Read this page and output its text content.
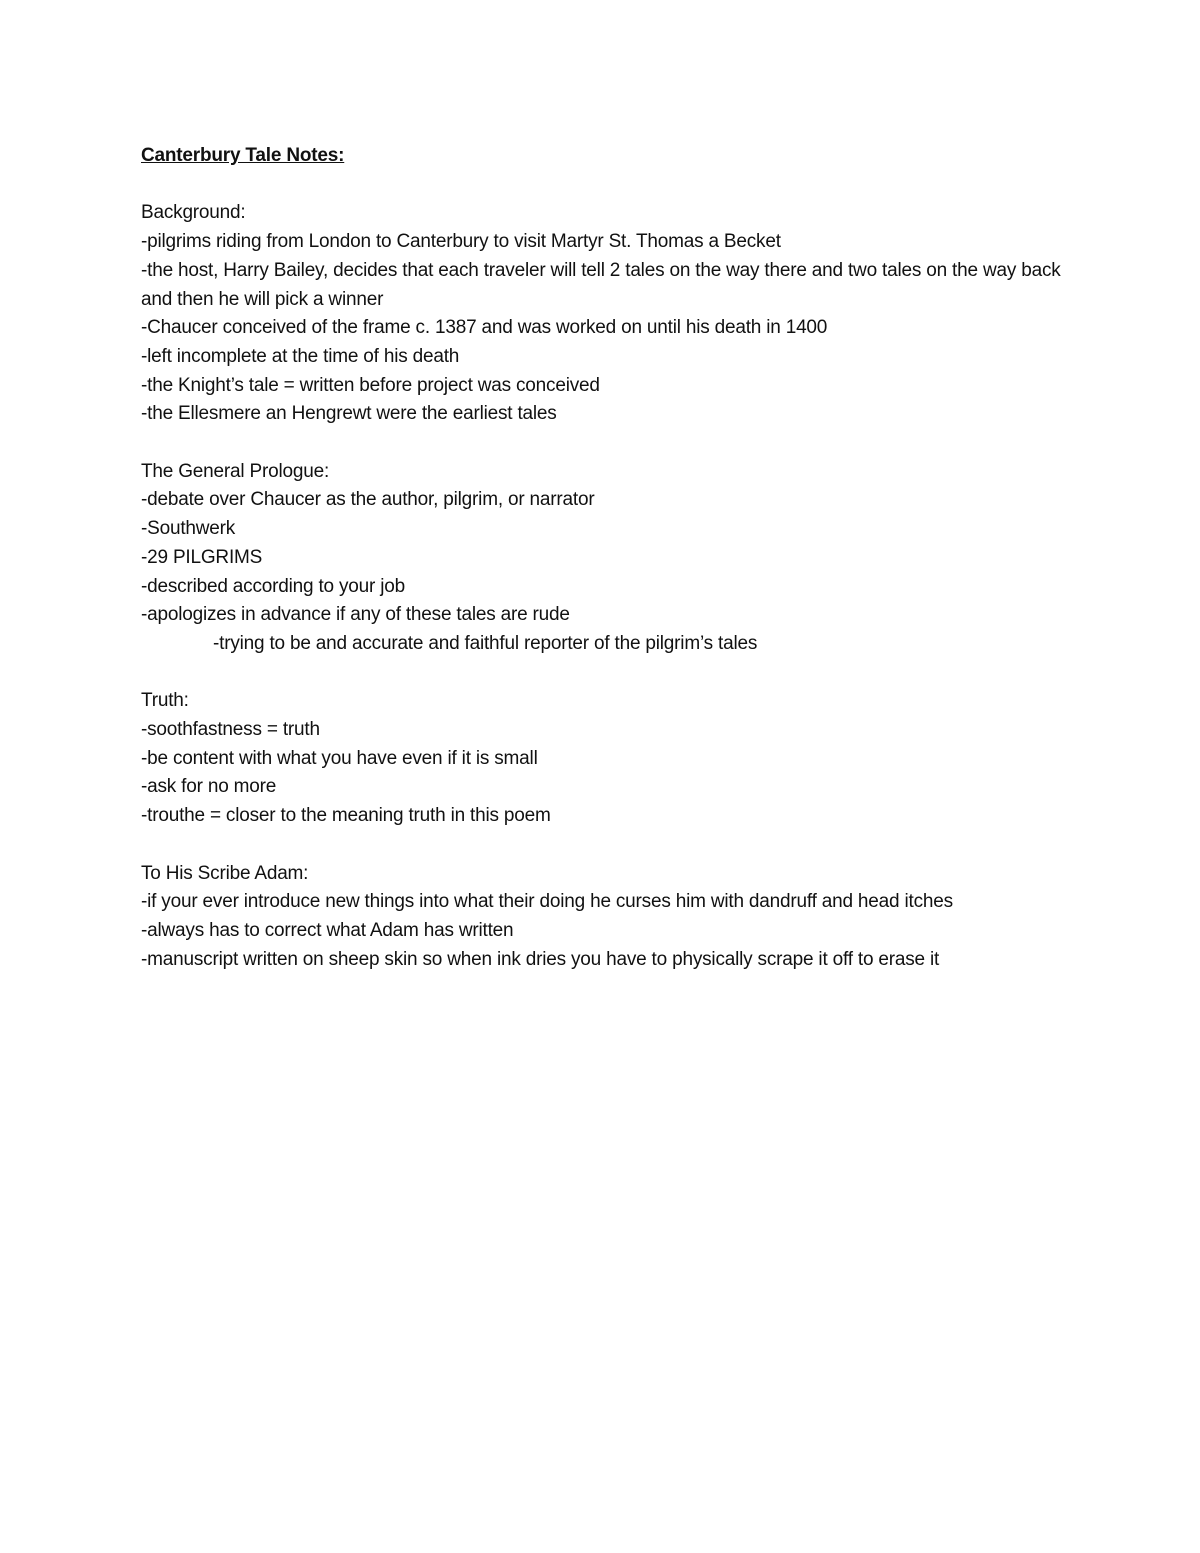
Canterbury Tale Notes:

Background:

-pilgrims riding from London to Canterbury to visit Martyr St. Thomas a Becket

-the host, Harry Bailey, decides that each traveler will tell 2 tales on the way there and two tales on the way back and then he will pick a winner

-Chaucer conceived of the frame c. 1387 and was worked on until his death in 1400

-left incomplete at the time of his death

-the Knight’s tale = written before project was conceived

-the Ellesmere an Hengrewt were the earliest tales

The General Prologue:

-debate over Chaucer as the author, pilgrim, or narrator

-Southwerk

-29 PILGRIMS

-described according to your job

-apologizes in advance if any of these tales are rude

-trying to be and accurate and faithful reporter of the pilgrim’s tales

Truth:

-soothfastness = truth

-be content with what you have even if it is small

-ask for no more

-trouthe = closer to the meaning truth in this poem

To His Scribe Adam:

-if your ever introduce new things into what their doing he curses him with dandruff and head itches

-always has to correct what Adam has written

-manuscript written on sheep skin so when ink dries you have to physically scrape it off to erase it
